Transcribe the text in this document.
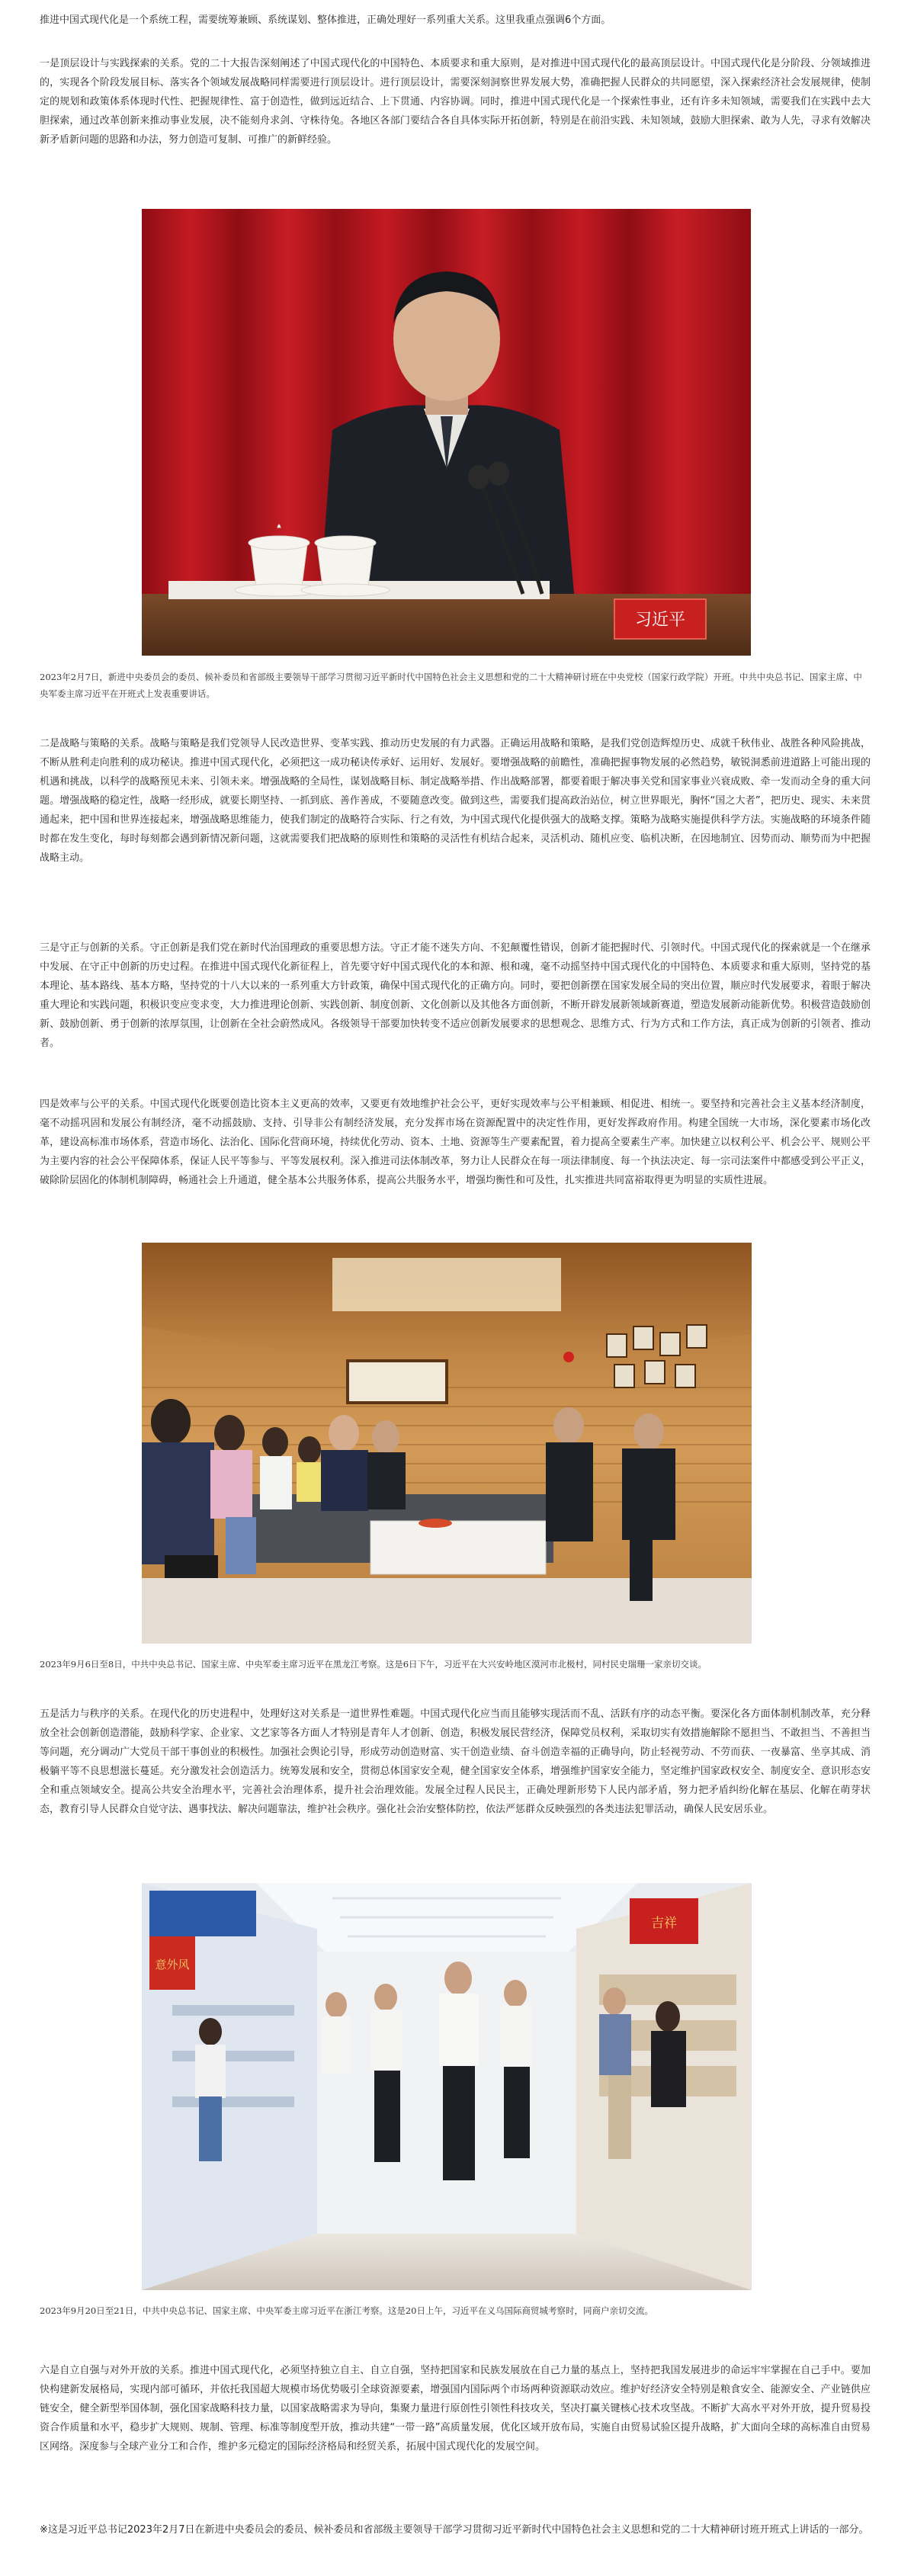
推进中国式现代化是一个系统工程，需要统筹兼顾、系统谋划、整体推进，正确处理好一系列重大关系。这里我重点强调6个方面。

一是顶层设计与实践探索的关系。党的二十大报告深刻阐述了中国式现代化的中国特色、本质要求和重大原则，是对推进中国式现代化的最高顶层设计。中国式现代化是分阶段、分领域推进的，实现各个阶段发展目标、落实各个领域发展战略同样需要进行顶层设计。进行顶层设计，需要深刻洞察世界发展大势，准确把握人民群众的共同愿望，深入探索经济社会发展规律，使制定的规划和政策体系体现时代性、把握规律性、富于创造性，做到远近结合、上下贯通、内容协调。同时，推进中国式现代化是一个探索性事业，还有许多未知领域，需要我们在实践中去大胆探索，通过改革创新来推动事业发展，决不能刻舟求剑、守株待兔。各地区各部门要结合各自具体实际开拓创新，特别是在前沿实践、未知领域，鼓励大胆探索、敢为人先，寻求有效解决新矛盾新问题的思路和办法，努力创造可复制、可推广的新鲜经验。

习近平

2023年2月7日，新进中央委员会的委员、候补委员和省部级主要领导干部学习贯彻习近平新时代中国特色社会主义思想和党的二十大精神研讨班在中央党校（国家行政学院）开班。中共中央总书记、国家主席、中央军委主席习近平在开班式上发表重要讲话。

二是战略与策略的关系。战略与策略是我们党领导人民改造世界、变革实践、推动历史发展的有力武器。正确运用战略和策略，是我们党创造辉煌历史、成就千秋伟业、战胜各种风险挑战，不断从胜利走向胜利的成功秘诀。推进中国式现代化，必须把这一成功秘诀传承好、运用好、发展好。要增强战略的前瞻性，准确把握事物发展的必然趋势，敏锐洞悉前进道路上可能出现的机遇和挑战，以科学的战略预见未来、引领未来。增强战略的全局性，谋划战略目标、制定战略举措、作出战略部署，都要着眼于解决事关党和国家事业兴衰成败、牵一发而动全身的重大问题。增强战略的稳定性，战略一经形成，就要长期坚持、一抓到底、善作善成，不要随意改变。做到这些，需要我们提高政治站位，树立世界眼光，胸怀“国之大者”，把历史、现实、未来贯通起来，把中国和世界连接起来，增强战略思维能力，使我们制定的战略符合实际、行之有效，为中国式现代化提供强大的战略支撑。策略为战略实施提供科学方法。实施战略的环境条件随时都在发生变化，每时每刻都会遇到新情况新问题，这就需要我们把战略的原则性和策略的灵活性有机结合起来，灵活机动、随机应变、临机决断，在因地制宜、因势而动、顺势而为中把握战略主动。

三是守正与创新的关系。守正创新是我们党在新时代治国理政的重要思想方法。守正才能不迷失方向、不犯颠覆性错误，创新才能把握时代、引领时代。中国式现代化的探索就是一个在继承中发展、在守正中创新的历史过程。在推进中国式现代化新征程上，首先要守好中国式现代化的本和源、根和魂，毫不动摇坚持中国式现代化的中国特色、本质要求和重大原则，坚持党的基本理论、基本路线、基本方略，坚持党的十八大以来的一系列重大方针政策，确保中国式现代化的正确方向。同时，要把创新摆在国家发展全局的突出位置，顺应时代发展要求，着眼于解决重大理论和实践问题，积极识变应变求变，大力推进理论创新、实践创新、制度创新、文化创新以及其他各方面创新，不断开辟发展新领域新赛道，塑造发展新动能新优势。积极营造鼓励创新、鼓励创新、勇于创新的浓厚氛围，让创新在全社会蔚然成风。各级领导干部要加快转变不适应创新发展要求的思想观念、思维方式、行为方式和工作方法，真正成为创新的引领者、推动者。

四是效率与公平的关系。中国式现代化既要创造比资本主义更高的效率，又要更有效地维护社会公平，更好实现效率与公平相兼顾、相促进、相统一。要坚持和完善社会主义基本经济制度，毫不动摇巩固和发展公有制经济，毫不动摇鼓励、支持、引导非公有制经济发展，充分发挥市场在资源配置中的决定性作用，更好发挥政府作用。构建全国统一大市场，深化要素市场化改革，建设高标准市场体系，营造市场化、法治化、国际化营商环境，持续优化劳动、资本、土地、资源等生产要素配置，着力提高全要素生产率。加快建立以权利公平、机会公平、规则公平为主要内容的社会公平保障体系，保证人民平等参与、平等发展权利。深入推进司法体制改革，努力让人民群众在每一项法律制度、每一个执法决定、每一宗司法案件中都感受到公平正义，破除阶层固化的体制机制障碍，畅通社会上升通道，健全基本公共服务体系，提高公共服务水平，增强均衡性和可及性，扎实推进共同富裕取得更为明显的实质性进展。

2023年9月6日至8日，中共中央总书记、国家主席、中央军委主席习近平在黑龙江考察。这是6日下午，习近平在大兴安岭地区漠河市北极村，同村民史瑞珊一家亲切交谈。

五是活力与秩序的关系。在现代化的历史进程中，处理好这对关系是一道世界性难题。中国式现代化应当而且能够实现活而不乱、活跃有序的动态平衡。要深化各方面体制机制改革，充分释放全社会创新创造潜能，鼓励科学家、企业家、文艺家等各方面人才特别是青年人才创新、创造，积极发展民营经济，保障党员权利，采取切实有效措施解除不愿担当、不敢担当、不善担当等问题，充分调动广大党员干部干事创业的积极性。加强社会舆论引导，形成劳动创造财富、实干创造业绩、奋斗创造幸福的正确导向，防止轻视劳动、不劳而获、一夜暴富、坐享其成、消极躺平等不良思想滋长蔓延。充分激发社会创造活力。统筹发展和安全，贯彻总体国家安全观，健全国家安全体系，增强维护国家安全能力，坚定维护国家政权安全、制度安全、意识形态安全和重点领域安全。提高公共安全治理水平，完善社会治理体系，提升社会治理效能。发展全过程人民民主，正确处理新形势下人民内部矛盾，努力把矛盾纠纷化解在基层、化解在萌芽状态，教育引导人民群众自觉守法、遇事找法、解决问题靠法，维护社会秩序。强化社会治安整体防控，依法严惩群众反映强烈的各类违法犯罪活动，确保人民安居乐业。

意外风
吉祥

2023年9月20日至21日，中共中央总书记、国家主席、中央军委主席习近平在浙江考察。这是20日上午，习近平在义乌国际商贸城考察时，同商户亲切交流。

六是自立自强与对外开放的关系。推进中国式现代化，必须坚持独立自主、自立自强，坚持把国家和民族发展放在自己力量的基点上，坚持把我国发展进步的命运牢牢掌握在自己手中。要加快构建新发展格局，实现内部可循环，并依托我国超大规模市场优势吸引全球资源要素，增强国内国际两个市场两种资源联动效应。维护好经济安全特别是粮食安全、能源安全、产业链供应链安全，健全新型举国体制，强化国家战略科技力量，以国家战略需求为导向，集聚力量进行原创性引领性科技攻关，坚决打赢关键核心技术攻坚战。不断扩大高水平对外开放，提升贸易投资合作质量和水平，稳步扩大规则、规制、管理、标准等制度型开放，推动共建“一带一路”高质量发展，优化区域开放布局，实施自由贸易试验区提升战略，扩大面向全球的高标准自由贸易区网络。深度参与全球产业分工和合作，维护多元稳定的国际经济格局和经贸关系，拓展中国式现代化的发展空间。

※这是习近平总书记2023年2月7日在新进中央委员会的委员、候补委员和省部级主要领导干部学习贯彻习近平新时代中国特色社会主义思想和党的二十大精神研讨班开班式上讲话的一部分。
